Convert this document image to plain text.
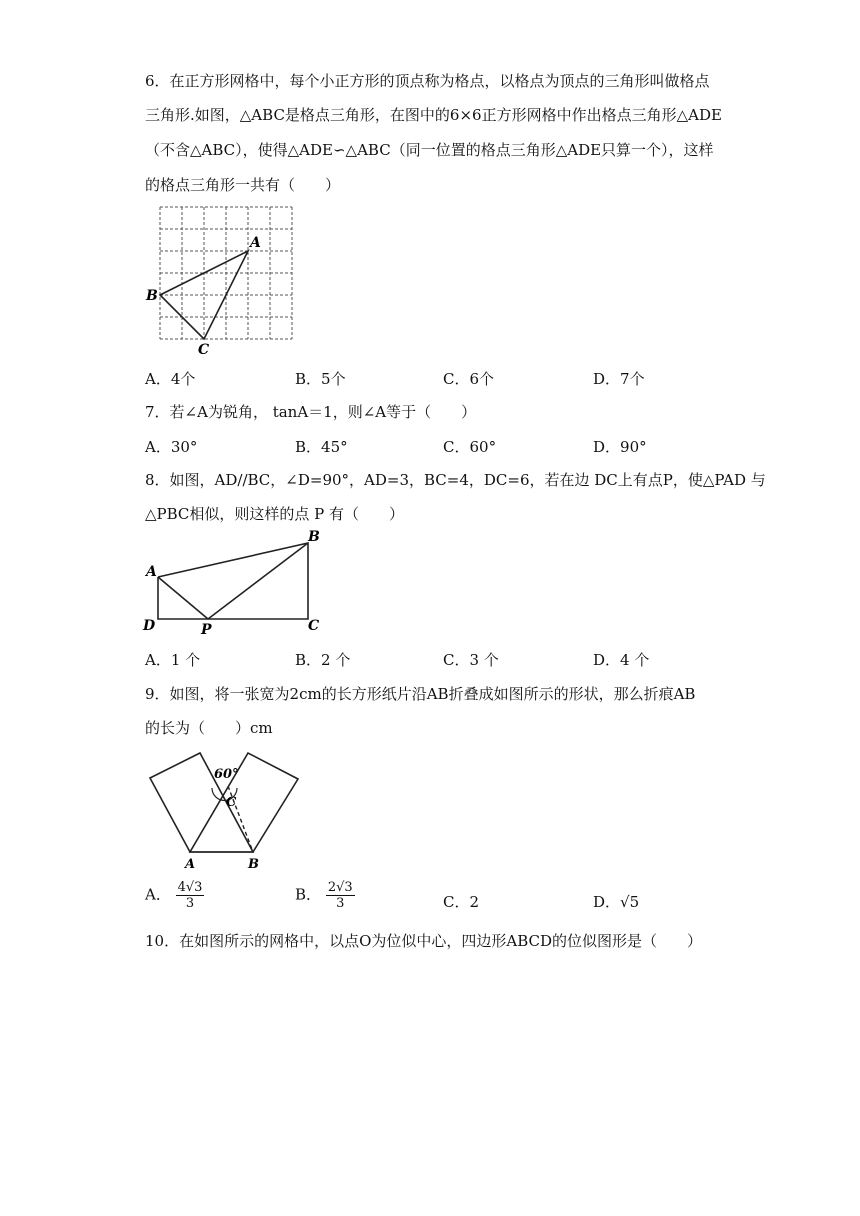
6．在正方形网格中，每个小正方形的顶点称为格点，以格点为顶点的三角形叫做格点
三角形.如图，△ABC是格点三角形，在图中的6×6正方形网格中作出格点三角形△ADE
（不含△ABC），使得△ADE∽△ABC（同一位置的格点三角形△ADE只算一个），这样
的格点三角形一共有（　　）
A
B
C
A．4个	B．5个	C．6个	D．7个
7．若∠A为锐角， tanA＝1，则∠A等于（　　）
A．30°	B．45°	C．60°	D．90°
8．如图，AD//BC，∠D=90°，AD=3，BC=4，DC=6，若在边 DC上有点P，使△PAD 与
△PBC相似，则这样的点 P 有（　　）
A
B
C
D	P
A．1 个	B．2 个	C．3 个	D．4 个
9．如图，将一张宽为2cm的长方形纸片沿AB折叠成如图所示的形状，那么折痕AB
的长为（　　）cm
60°
C
A	B
A． $\frac{4√3}{3}$	B． $\frac{2√3}{3}$	C．2	D．√5
10．在如图所示的网格中，以点O为位似中心，四边形ABCD的位似图形是（　　）
